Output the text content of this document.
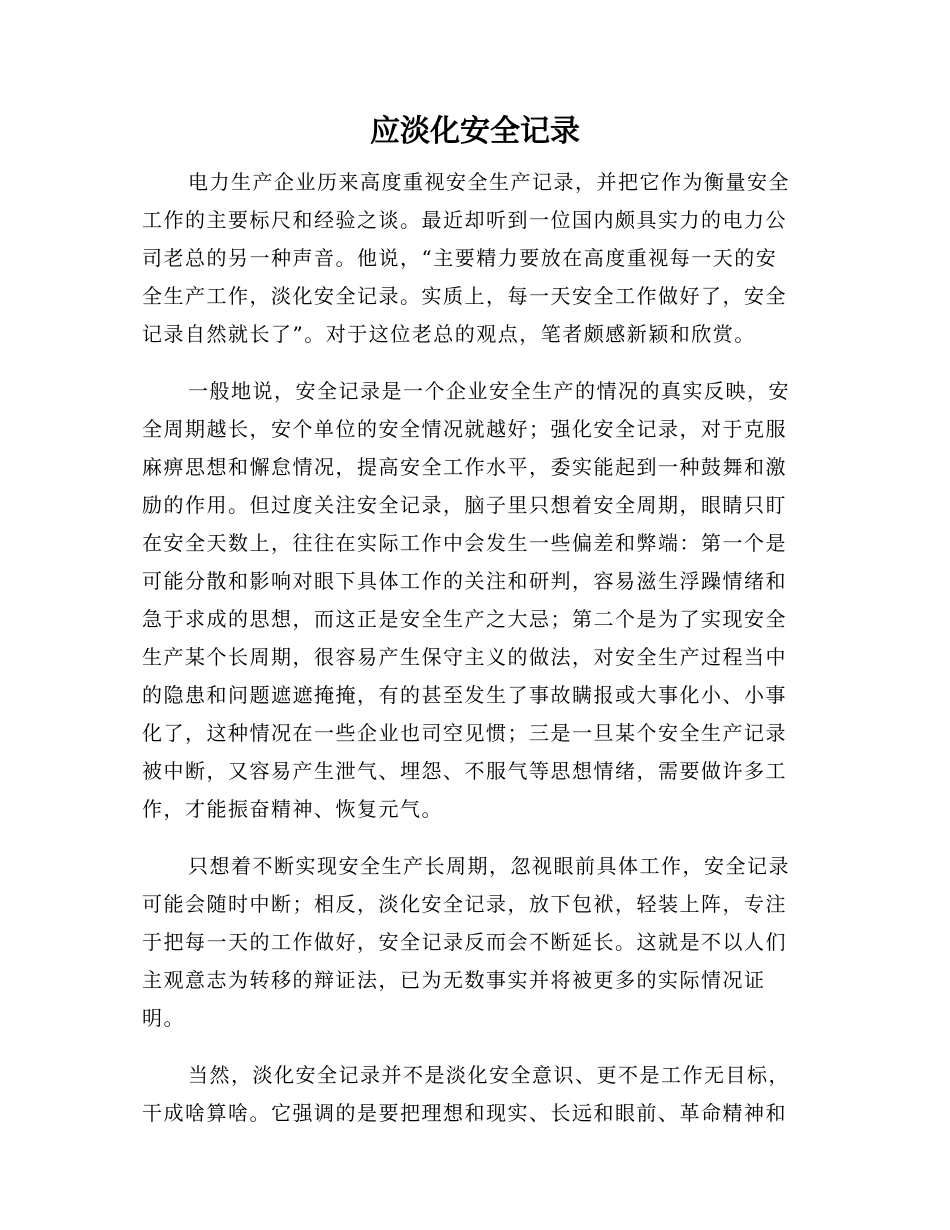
应淡化安全记录

电力生产企业历来高度重视安全生产记录，并把它作为衡量安全
工作的主要标尺和经验之谈。最近却听到一位国内颇具实力的电力公
司老总的另一种声音。他说，“主要精力要放在高度重视每一天的安
全生产工作，淡化安全记录。实质上，每一天安全工作做好了，安全
记录自然就长了”。对于这位老总的观点，笔者颇感新颖和欣赏。

一般地说，安全记录是一个企业安全生产的情况的真实反映，安
全周期越长，安个单位的安全情况就越好；强化安全记录，对于克服
麻痹思想和懈怠情况，提高安全工作水平，委实能起到一种鼓舞和激
励的作用。但过度关注安全记录，脑子里只想着安全周期，眼睛只盯
在安全天数上，往往在实际工作中会发生一些偏差和弊端：第一个是
可能分散和影响对眼下具体工作的关注和研判，容易滋生浮躁情绪和
急于求成的思想，而这正是安全生产之大忌；第二个是为了实现安全
生产某个长周期，很容易产生保守主义的做法，对安全生产过程当中
的隐患和问题遮遮掩掩，有的甚至发生了事故瞒报或大事化小、小事
化了，这种情况在一些企业也司空见惯；三是一旦某个安全生产记录
被中断，又容易产生泄气、埋怨、不服气等思想情绪，需要做许多工
作，才能振奋精神、恢复元气。

只想着不断实现安全生产长周期，忽视眼前具体工作，安全记录
可能会随时中断；相反，淡化安全记录，放下包袱，轻装上阵，专注
于把每一天的工作做好，安全记录反而会不断延长。这就是不以人们
主观意志为转移的辩证法，已为无数事实并将被更多的实际情况证
明。

当然，淡化安全记录并不是淡化安全意识、更不是工作无目标，
干成啥算啥。它强调的是要把理想和现实、长远和眼前、革命精神和
